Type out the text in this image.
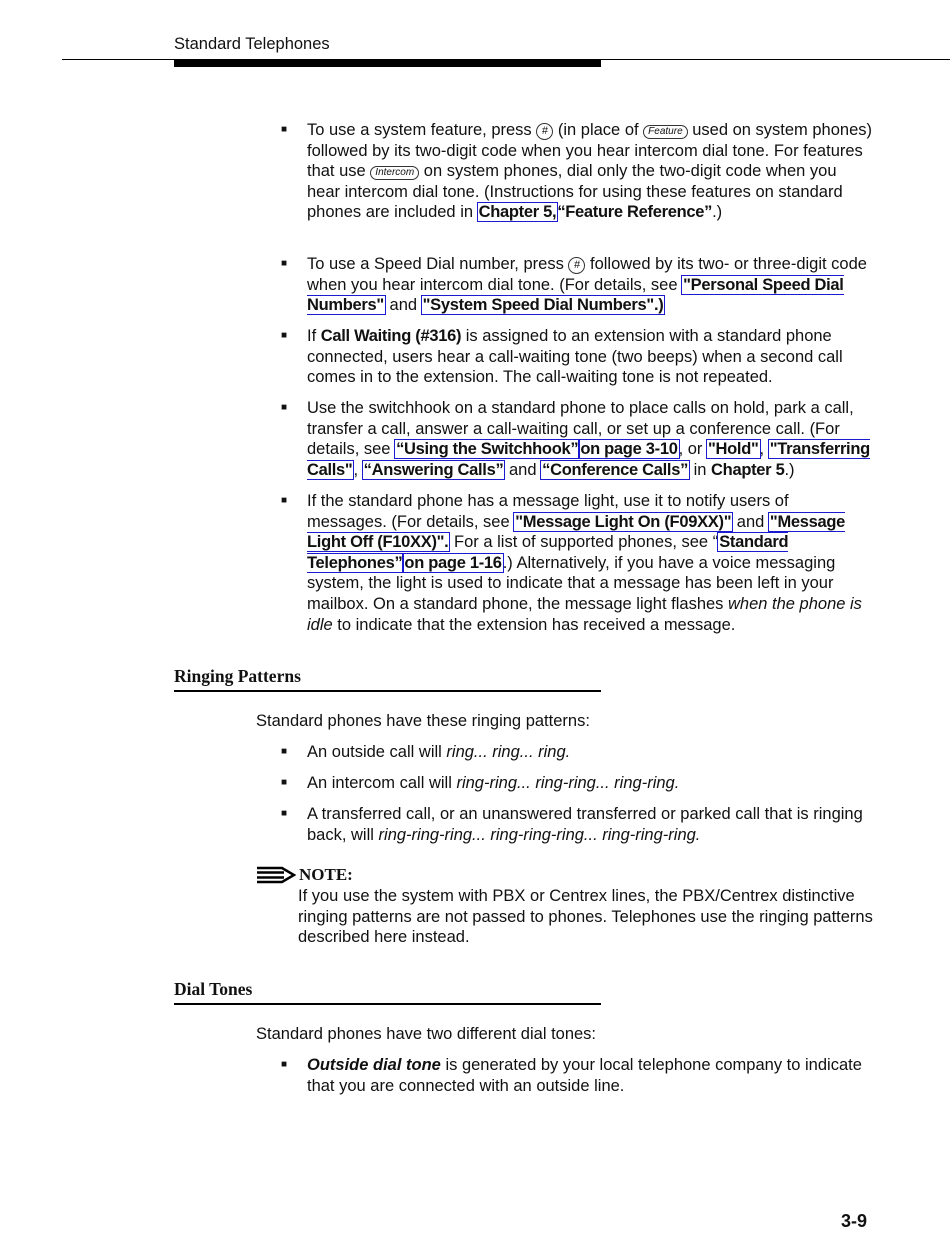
Standard Telephones
■ To use a system feature, press # (in place of Feature used on system phones) followed by its two-digit code when you hear intercom dial tone. For features that use Intercom on system phones, dial only the two-digit code when you hear intercom dial tone. (Instructions for using these features on standard phones are included in Chapter 5,“Feature Reference”.)
■ To use a Speed Dial number, press # followed by its two- or three-digit code when you hear intercom dial tone. (For details, see "Personal Speed Dial Numbers" and "System Speed Dial Numbers".)
■ If Call Waiting (#316) is assigned to an extension with a standard phone connected, users hear a call-waiting tone (two beeps) when a second call comes in to the extension. The call-waiting tone is not repeated.
■ Use the switchhook on a standard phone to place calls on hold, park a call, transfer a call, answer a call-waiting call, or set up a conference call. (For details, see “Using the Switchhook” on page 3-10, or "Hold", "Transferring Calls", “Answering Calls” and “Conference Calls” in Chapter 5.)
■ If the standard phone has a message light, use it to notify users of messages. (For details, see "Message Light On (F09XX)" and "Message Light Off (F10XX)". For a list of supported phones, see “Standard Telephones” on page 1-16.) Alternatively, if you have a voice messaging system, the light is used to indicate that a message has been left in your mailbox. On a standard phone, the message light flashes when the phone is idle to indicate that the extension has received a message.
Ringing Patterns
Standard phones have these ringing patterns:
■ An outside call will ring... ring... ring.
■ An intercom call will ring-ring... ring-ring... ring-ring.
■ A transferred call, or an unanswered transferred or parked call that is ringing back, will ring-ring-ring... ring-ring-ring... ring-ring-ring.
NOTE:
If you use the system with PBX or Centrex lines, the PBX/Centrex distinctive ringing patterns are not passed to phones. Telephones use the ringing patterns described here instead.
Dial Tones
Standard phones have two different dial tones:
■ Outside dial tone is generated by your local telephone company to indicate that you are connected with an outside line.
3-9
